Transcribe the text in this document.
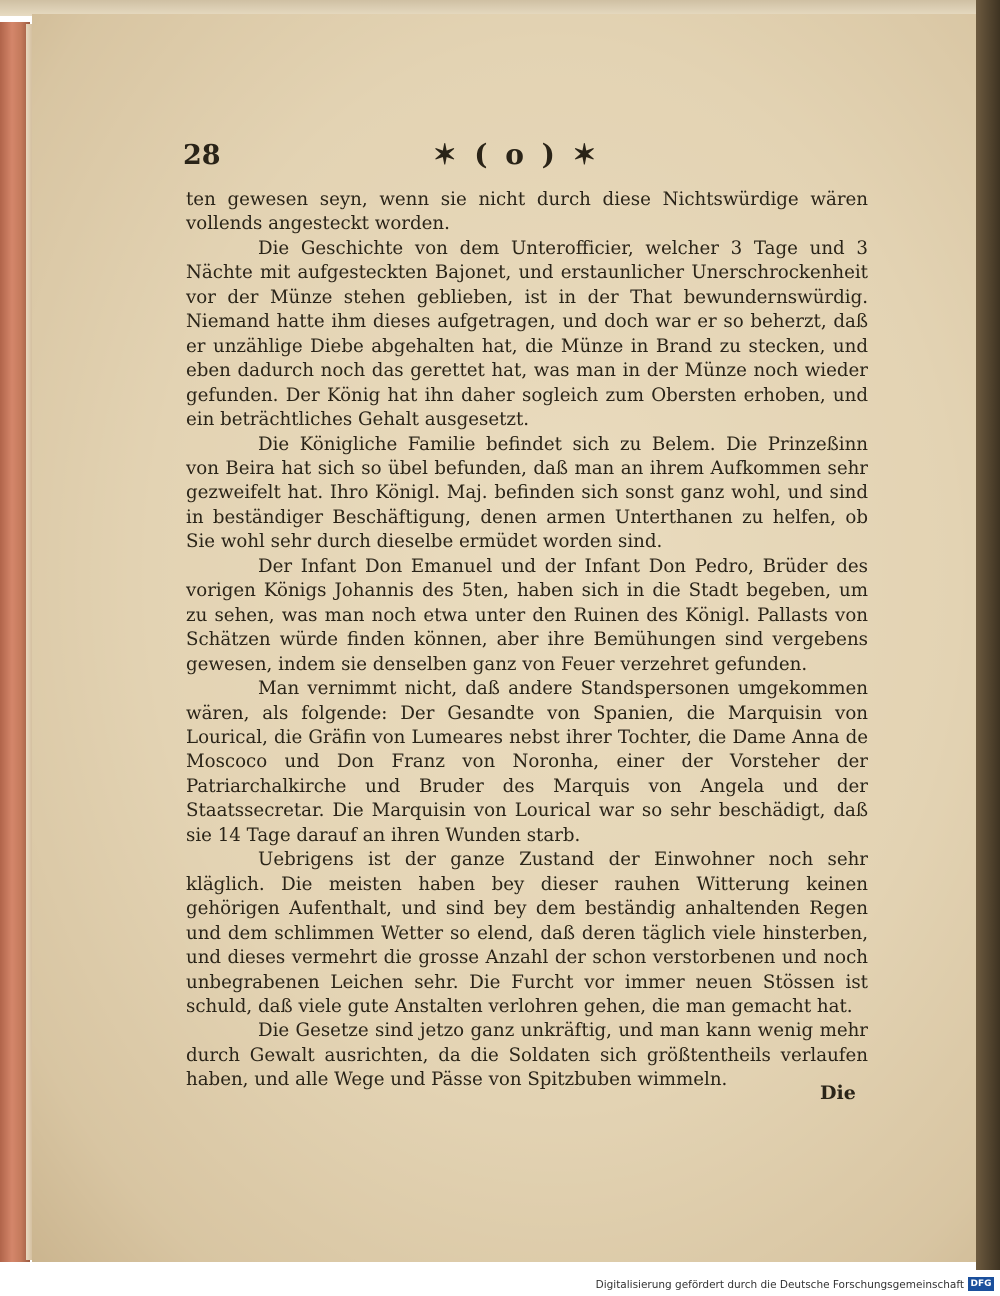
28	✶ ( o ) ✶

ten gewesen seyn, wenn sie nicht durch diese Nichtswürdige wären vollends angesteckt worden.

Die Geschichte von dem Unterofficier, welcher 3 Tage und 3 Nächte mit aufgesteckten Bajonet, und erstaunlicher Unerschrockenheit vor der Münze stehen geblieben, ist in der That bewundernswürdig. Niemand hatte ihm dieses aufgetragen, und doch war er so beherzt, daß er unzählige Diebe abgehalten hat, die Münze in Brand zu stecken, und eben dadurch noch das gerettet hat, was man in der Münze noch wieder gefunden. Der König hat ihn daher sogleich zum Obersten erhoben, und ein beträchtliches Gehalt ausgesetzt.

Die Königliche Familie befindet sich zu Belem. Die Prinzeßinn von Beira hat sich so übel befunden, daß man an ihrem Aufkommen sehr gezweifelt hat. Ihro Königl. Maj. befinden sich sonst ganz wohl, und sind in beständiger Beschäftigung, denen armen Unterthanen zu helfen, ob Sie wohl sehr durch dieselbe ermüdet worden sind.

Der Infant Don Emanuel und der Infant Don Pedro, Brüder des vorigen Königs Johannis des 5ten, haben sich in die Stadt begeben, um zu sehen, was man noch etwa unter den Ruinen des Königl. Pallasts von Schätzen würde finden können, aber ihre Bemühungen sind vergebens gewesen, indem sie denselben ganz von Feuer verzehret gefunden.

Man vernimmt nicht, daß andere Standspersonen umgekommen wären, als folgende: Der Gesandte von Spanien, die Marquisin von Lourical, die Gräfin von Lumeares nebst ihrer Tochter, die Dame Anna de Moscoco und Don Franz von Noronha, einer der Vorsteher der Patriarchalkirche und Bruder des Marquis von Angela und der Staatssecretar. Die Marquisin von Lourical war so sehr beschädigt, daß sie 14 Tage darauf an ihren Wunden starb.

Uebrigens ist der ganze Zustand der Einwohner noch sehr kläglich. Die meisten haben bey dieser rauhen Witterung keinen gehörigen Aufenthalt, und sind bey dem beständig anhaltenden Regen und dem schlimmen Wetter so elend, daß deren täglich viele hinsterben, und dieses vermehrt die grosse Anzahl der schon verstorbenen und noch unbegrabenen Leichen sehr. Die Furcht vor immer neuen Stössen ist schuld, daß viele gute Anstalten verlohren gehen, die man gemacht hat.

Die Gesetze sind jetzo ganz unkräftig, und man kann wenig mehr durch Gewalt ausrichten, da die Soldaten sich größtentheils verlaufen haben, und alle Wege und Pässe von Spitzbuben wimmeln.

Die
Digitalisierung gefördert durch die Deutsche Forschungsgemeinschaft DFG
